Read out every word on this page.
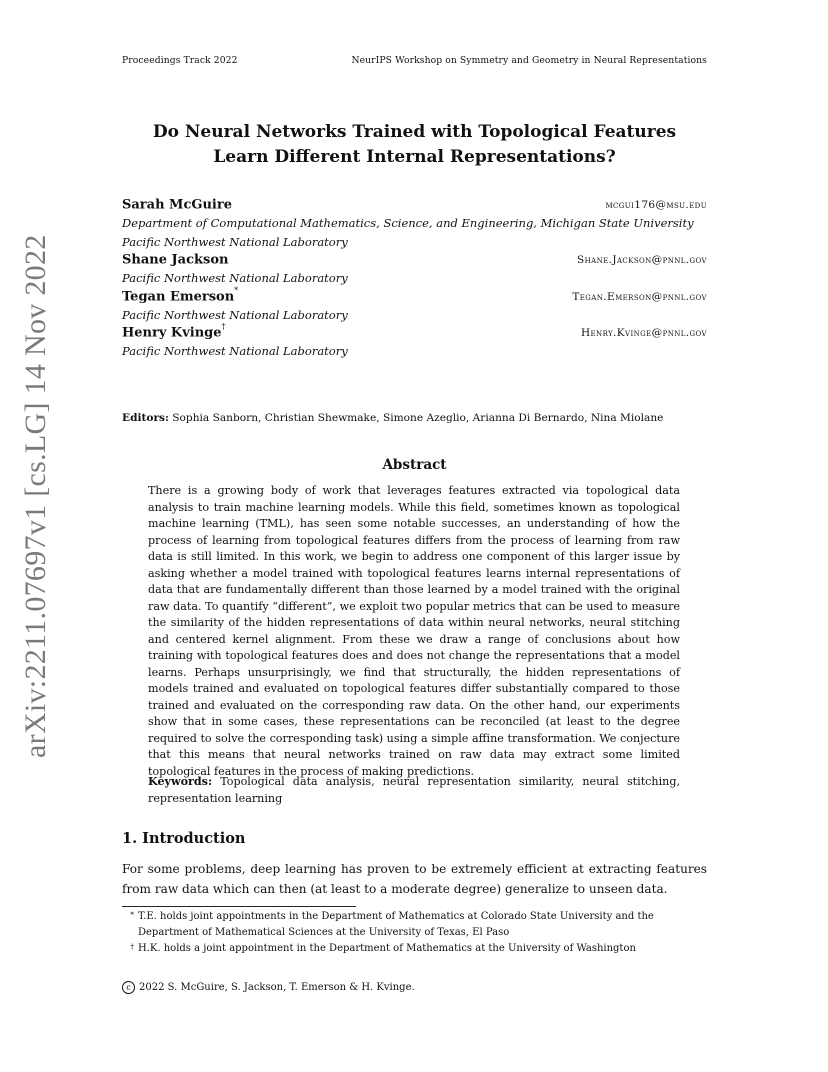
Proceedings Track 2022	NeurIPS Workshop on Symmetry and Geometry in Neural Representations
arXiv:2211.07697v1 [cs.LG] 14 Nov 2022
Do Neural Networks Trained with Topological Features
Learn Different Internal Representations?
Sarah McGuire	mcgui176@msu.edu
Department of Computational Mathematics, Science, and Engineering, Michigan State University
Pacific Northwest National Laboratory
Shane Jackson	Shane.Jackson@pnnl.gov
Pacific Northwest National Laboratory
Tegan Emerson*
Tegan.Emerson@pnnl.gov
Pacific Northwest National Laboratory
Henry Kvinge†
Henry.Kvinge@pnnl.gov
Pacific Northwest National Laboratory
Editors: Sophia Sanborn, Christian Shewmake, Simone Azeglio, Arianna Di Bernardo, Nina Miolane
Abstract

There is a growing body of work that leverages features extracted via topological data analysis to train machine learning models. While this field, sometimes known as topological machine learning (TML), has seen some notable successes, an understanding of how the process of learning from topological features differs from the process of learning from raw data is still limited. In this work, we begin to address one component of this larger issue by asking whether a model trained with topological features learns internal representations of data that are fundamentally different than those learned by a model trained with the original raw data. To quantify “different”, we exploit two popular metrics that can be used to measure the similarity of the hidden representations of data within neural networks, neural stitching and centered kernel alignment. From these we draw a range of conclusions about how training with topological features does and does not change the representations that a model learns. Perhaps unsurprisingly, we find that structurally, the hidden representations of models trained and evaluated on topological features differ substantially compared to those trained and evaluated on the corresponding raw data. On the other hand, our experiments show that in some cases, these representations can be reconciled (at least to the degree required to solve the corresponding task) using a simple affine transformation. We conjecture that this means that neural networks trained on raw data may extract some limited topological features in the process of making predictions.

Keywords: Topological data analysis, neural representation similarity, neural stitching, representation learning
1. Introduction

For some problems, deep learning has proven to be extremely efficient at extracting features from raw data which can then (at least to a moderate degree) generalize to unseen data.

* T.E. holds joint appointments in the Department of Mathematics at Colorado State University and the Department of Mathematical Sciences at the University of Texas, El Paso
† H.K. holds a joint appointment in the Department of Mathematics at the University of Washington
c 2022 S. McGuire, S. Jackson, T. Emerson & H. Kvinge.
